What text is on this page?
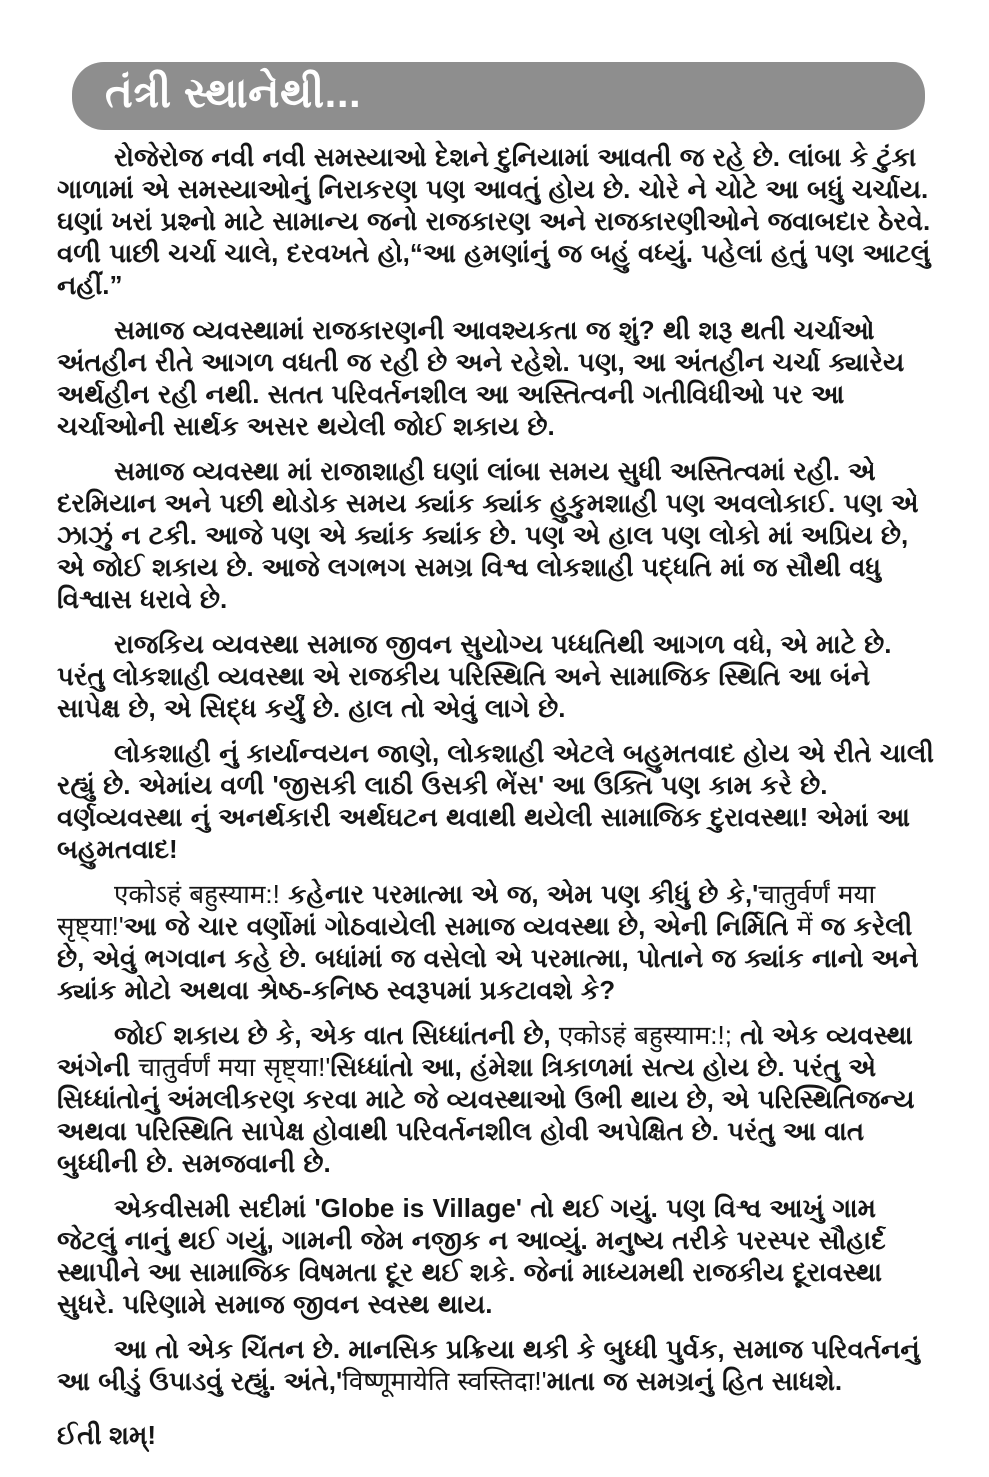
તંત્રી સ્થાનેથી...

રોજેરોજ નવી નવી સમસ્યાઓ દેશને દુનિયામાં આવતી જ રહે છે. લાંબા કે ટુંકા ગાળામાં એ સમસ્યાઓનું નિરાકરણ પણ આવતું હોય છે. ચોરે ને ચોટે આ બધું ચર્ચાય. ઘણાં ખરાં પ્રશ્નો માટે સામાન્ય જનો રાજકારણ અને રાજકારણીઓને જવાબદાર ઠેરવે. વળી પાછી ચર્ચા ચાલે, દરવખતે હો,“આ હમણાંનું જ બહું વધ્યું. પહેલાં હતું પણ આટલું નહીં.”

સમાજ વ્યવસ્થામાં રાજકારણની આવશ્યકતા જ શું? થી શરૂ થતી ચર્ચાઓ અંતહીન રીતે આગળ વધતી જ રહી છે અને રહેશે. પણ, આ અંતહીન ચર્ચા ક્યારેય અર્થહીન રહી નથી. સતત પરિવર્તનશીલ આ અસ્તિત્વની ગતીવિધીઓ પર આ ચર્ચાઓની સાર્થક અસર થયેલી જોઈ શકાય છે.

સમાજ વ્યવસ્થા માં રાજાશાહી ઘણાં લાંબા સમય સુધી અસ્તિત્વમાં રહી. એ દરમિયાન અને પછી થોડોક સમય ક્યાંક ક્યાંક હુકુમશાહી પણ અવલોકાઈ. પણ એ ઝાઝું ન ટકી. આજે પણ એ ક્યાંક ક્યાંક છે. પણ એ હાલ પણ લોકો માં અપ્રિય છે, એ જોઈ શકાય છે. આજે લગભગ સમગ્ર વિશ્વ લોકશાહી પદ્ધતિ માં જ સૌથી વધુ વિશ્વાસ ધરાવે છે.

રાજકિય વ્યવસ્થા સમાજ જીવન સુયોગ્ય પધ્ધતિથી આગળ વધે, એ માટે છે. પરંતુ લોકશાહી વ્યવસ્થા એ રાજકીય પરિસ્થિતિ અને સામાજિક સ્થિતિ આ બંને સાપેક્ષ છે, એ સિદ્ધ કર્યું છે. હાલ તો એવું લાગે છે.

લોકશાહી નું કાર્યાન્વયન જાણે, લોકશાહી એટલે બહુમતવાદ હોય એ રીતે ચાલી રહ્યું છે. એમાંય વળી 'જીસકી લાઠી ઉસકી ભેંસ' આ ઉક્તિ પણ કામ કરે છે. વર્ણવ્યવસ્થા નું અનર્થકારી અર્થઘટન થવાથી થયેલી સામાજિક દુરાવસ્થા! એમાં આ બહુમતવાદ!

एकोऽहं बहुस्याम:! કહેનાર પરમાત્મા એ જ, એમ પણ કીધું છે કે,'चातुर्वर्णं मया सृष्ट्या!'આ જે ચાર વર્ણોમાં ગોઠવાયેલી સમાજ વ્યવસ્થા છે, એની નિર્મિતિ में જ કરેલી છે, એવું ભગવાન કહે છે. બધાંમાં જ વસેલો એ પરમાત્મા, પોતાને જ ક્યાંક નાનો અને ક્યાંક મોટો અથવા શ્રેષ્ઠ-કનિષ્ઠ સ્વરૂપમાં પ્રકટાવશે કે?

જોઈ શકાય છે કે, એક વાત સિધ્ધાંતની છે, एकोऽहं बहुस्याम:!; તો એક વ્યવસ્થા અંગેની चातुर्वर्णं मया सृष्ट्या!'સિધ્ધાંતો આ, હંમેશા ત્રિકાળમાં સત્ય હોય છે. પરંતુ એ સિધ્ધાંતોનું અંમલીકરણ કરવા માટે જે વ્યવસ્થાઓ ઉભી થાય છે, એ પરિસ્થિતિજન્ય અથવા પરિસ્થિતિ સાપેક્ષ હોવાથી પરિવર્તનશીલ હોવી અપેક્ષિત છે. પરંતુ આ વાત બુધ્ધીની છે. સમજવાની છે.

એકવીસમી સદીમાં 'Globe is Village' તો થઈ ગયું. પણ વિશ્વ આખું ગામ જેટલું નાનું થઈ ગયું, ગામની જેમ નજીક ન આવ્યું. મનુષ્ય તરીકે પરસ્પર સૌહાર્દ સ્થાપીને આ સામાજિક વિષમતા દૂર થઈ શકે. જેનાં માધ્યમથી રાજકીય દૂરાવસ્થા સુધરે. પરિણામે સમાજ જીવન સ્વસ્થ થાય.

આ તો એક ચિંતન છે. માનસિક પ્રક્રિયા થકી કે બુધ્ધી પુર્વક, સમાજ પરિવર્તનનું આ બીડું ઉપાડવું રહ્યું. અંતે,'विष्णूमायेति स्वस्तिदा!'માતા જ સમગ્રનું હિત સાધશે.

ઈતી શમ્!
